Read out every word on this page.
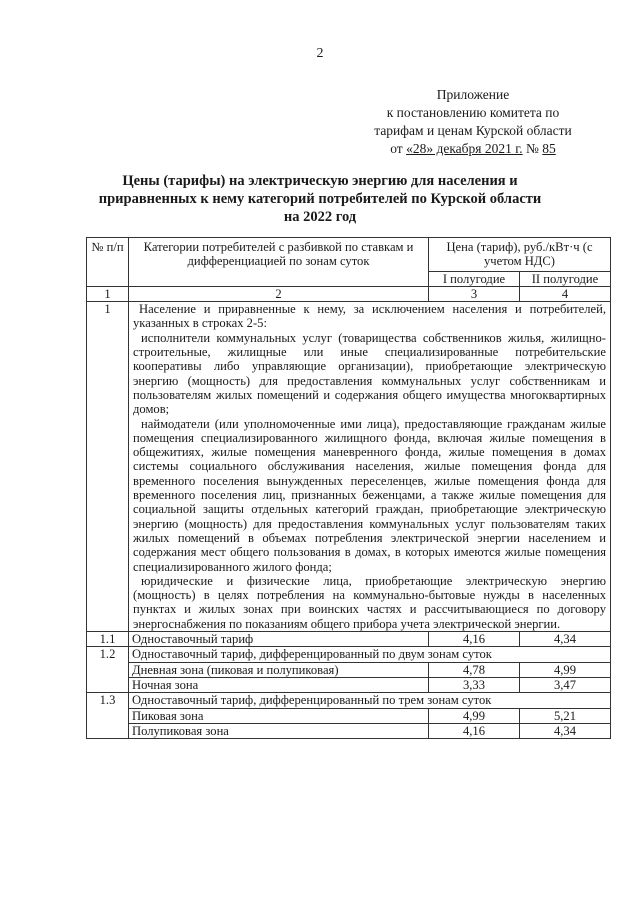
2
Приложение
к постановлению комитета по
тарифам и ценам Курской области
от «28» декабря 2021 г. № 85
Цены (тарифы) на электрическую энергию для населения и
приравненных к нему категорий потребителей по Курской области
на 2022 год
№ п/п	Категории потребителей с разбивкой по ставкам и дифференциацией по зонам суток	Цена (тариф), руб./кВт·ч (с учетом НДС)	
		I полугодие	II полугодие
1	2	3	4
1	Население и приравненные к нему, за исключением населения и потребителей, указанных в строках 2-5:

исполнители коммунальных услуг (товарищества собственников жилья, жилищно-строительные, жилищные или иные специализированные потребительские кооперативы либо управляющие организации), приобретающие электрическую энергию (мощность) для предоставления коммунальных услуг собственникам и пользователям жилых помещений и содержания общего имущества многоквартирных домов;

наймодатели (или уполномоченные ими лица), предоставляющие гражданам жилые помещения специализированного жилищного фонда, включая жилые помещения в общежитиях, жилые помещения маневренного фонда, жилые помещения в домах системы социального обслуживания населения, жилые помещения фонда для временного поселения вынужденных переселенцев, жилые помещения фонда для временного поселения лиц, признанных беженцами, а также жилые помещения для социальной защиты отдельных категорий граждан, приобретающие электрическую энергию (мощность) для предоставления коммунальных услуг пользователям таких жилых помещений в объемах потребления электрической энергии населением и содержания мест общего пользования в домах, в которых имеются жилые помещения специализированного жилого фонда;

юридические и физические лица, приобретающие электрическую энергию (мощность) в целях потребления на коммунально-бытовые нужды в населенных пунктах и жилых зонах при воинских частях и рассчитывающиеся по договору энергоснабжения по показаниям общего прибора учета электрической энергии.		

1.1	Одноставочный тариф	4,16	4,34
1.2	Одноставочный тариф, дифференцированный по двум зонам суток		
	Дневная зона (пиковая и полупиковая)	4,78	4,99
	Ночная зона	3,33	3,47
1.3	Одноставочный тариф, дифференцированный по трем зонам суток		
	Пиковая зона	4,99	5,21
	Полупиковая зона	4,16	4,34
